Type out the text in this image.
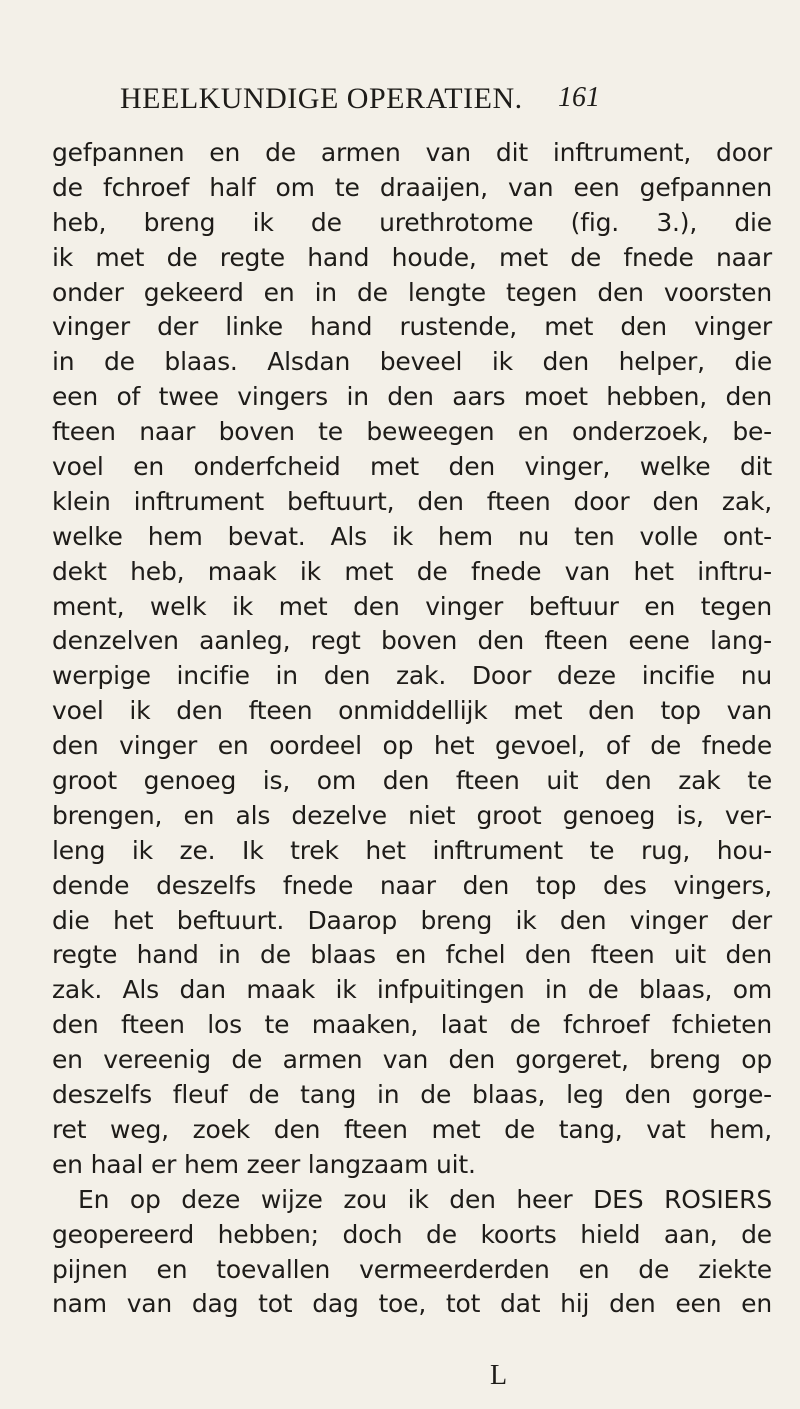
HEELKUNDIGE OPERATIEN. 161
gefpannen en de armen van dit inftrument, door
de fchroef half om te draaijen, van een gefpannen
heb, breng ik de urethrotome (fig. 3.), die
ik met de regte hand houde, met de fnede naar
onder gekeerd en in de lengte tegen den voorsten
vinger der linke hand rustende, met den vinger
in de blaas. Alsdan beveel ik den helper, die
een of twee vingers in den aars moet hebben, den
fteen naar boven te beweegen en onderzoek, be-
voel en onderfcheid met den vinger, welke dit
klein inftrument beftuurt, den fteen door den zak,
welke hem bevat. Als ik hem nu ten volle ont-
dekt heb, maak ik met de fnede van het inftru-
ment, welk ik met den vinger beftuur en tegen
denzelven aanleg, regt boven den fteen eene lang-
werpige incifie in den zak. Door deze incifie nu
voel ik den fteen onmiddellijk met den top van
den vinger en oordeel op het gevoel, of de fnede
groot genoeg is, om den fteen uit den zak te
brengen, en als dezelve niet groot genoeg is, ver-
leng ik ze. Ik trek het inftrument te rug, hou-
dende deszelfs fnede naar den top des vingers,
die het beftuurt. Daarop breng ik den vinger der
regte hand in de blaas en fchel den fteen uit den
zak. Als dan maak ik infpuitingen in de blaas, om
den fteen los te maaken, laat de fchroef fchieten
en vereenig de armen van den gorgeret, breng op
deszelfs fleuf de tang in de blaas, leg den gorge-
ret weg, zoek den fteen met de tang, vat hem,
en haal er hem zeer langzaam uit.
En op deze wijze zou ik den heer DES ROSIERS
geopereerd hebben; doch de koorts hield aan, de
pijnen en toevallen vermeerderden en de ziekte
nam van dag tot dag toe, tot dat hij den een en
L
